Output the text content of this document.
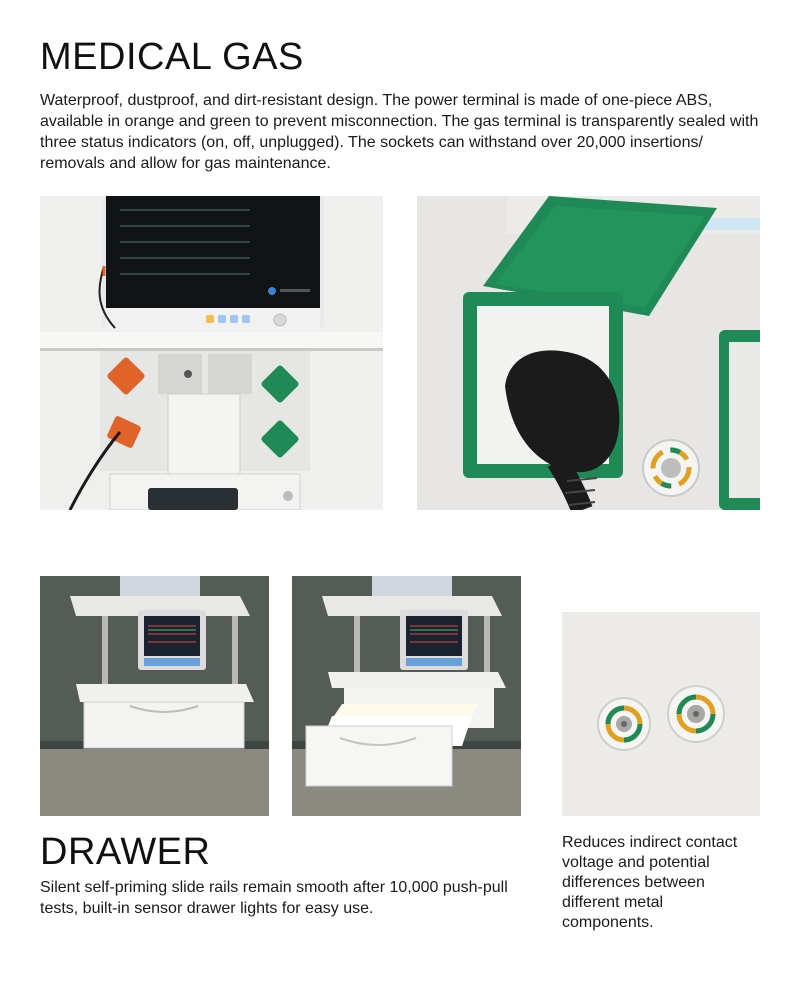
MEDICAL GAS

Waterproof, dustproof, and dirt-resistant design. The power terminal is made of one-piece ABS, available in orange and green to prevent misconnection. The gas terminal is transparently sealed with three status indicators (on, off, unplugged). The sockets can withstand over 20,000 insertions/ removals and allow for gas maintenance.

DRAWER

Silent self-priming slide rails remain smooth after 10,000 push-pull tests, built-in sensor drawer lights for easy use.

Reduces indirect contact voltage and potential differences between different metal components.
